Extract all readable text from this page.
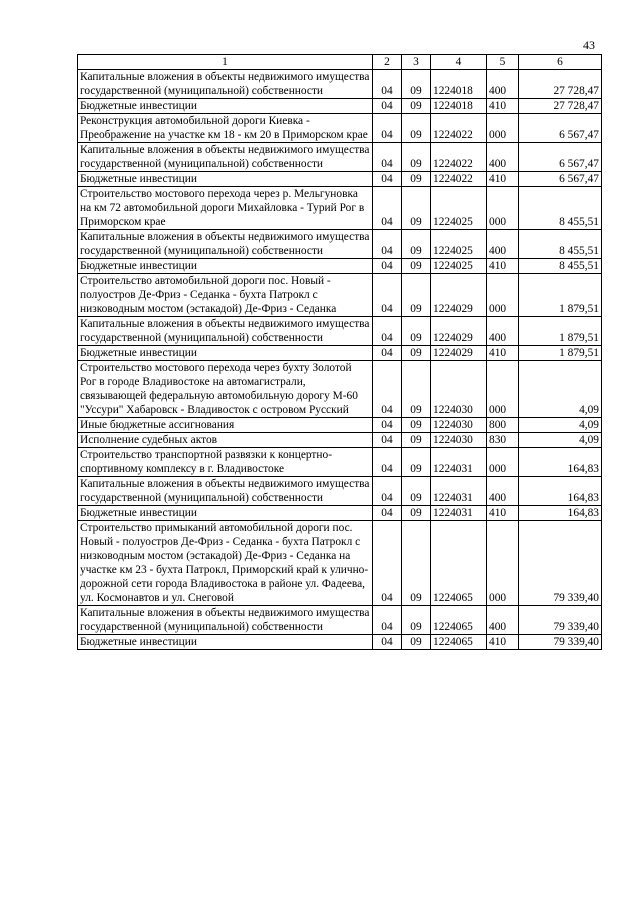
43
1	2	3	4	5	6
Капитальные вложения в объекты недвижимого имущества государственной (муниципальной) собственности	04	09	1224018	400	27 728,47
Бюджетные инвестиции	04	09	1224018	410	27 728,47
Реконструкция автомобильной дороги Киевка - Преображение на участке км 18 - км 20 в Приморском крае	04	09	1224022	000	6 567,47
Капитальные вложения в объекты недвижимого имущества государственной (муниципальной) собственности	04	09	1224022	400	6 567,47
Бюджетные инвестиции	04	09	1224022	410	6 567,47
Строительство мостового перехода через р. Мельгуновка на км 72 автомобильной дороги Михайловка - Турий Рог в Приморском крае	04	09	1224025	000	8 455,51
Капитальные вложения в объекты недвижимого имущества государственной (муниципальной) собственности	04	09	1224025	400	8 455,51
Бюджетные инвестиции	04	09	1224025	410	8 455,51
Строительство автомобильной дороги пос. Новый - полуостров Де-Фриз - Седанка - бухта Патрокл с низководным мостом (эстакадой) Де-Фриз - Седанка	04	09	1224029	000	1 879,51
Капитальные вложения в объекты недвижимого имущества государственной (муниципальной) собственности	04	09	1224029	400	1 879,51
Бюджетные инвестиции	04	09	1224029	410	1 879,51
Строительство мостового перехода через бухту Золотой Рог в городе Владивостоке на автомагистрали, связывающей федеральную автомобильную дорогу М-60 "Уссури" Хабаровск - Владивосток с островом Русский	04	09	1224030	000	4,09
Иные бюджетные ассигнования	04	09	1224030	800	4,09
Исполнение судебных актов	04	09	1224030	830	4,09
Строительство транспортной развязки к концертно-спортивному комплексу в г. Владивостоке	04	09	1224031	000	164,83
Капитальные вложения в объекты недвижимого имущества государственной (муниципальной) собственности	04	09	1224031	400	164,83
Бюджетные инвестиции	04	09	1224031	410	164,83
Строительство примыканий автомобильной дороги пос. Новый - полуостров Де-Фриз - Седанка - бухта Патрокл с низководным мостом (эстакадой) Де-Фриз - Седанка на участке км 23 - бухта Патрокл, Приморский край к улично-дорожной сети города Владивостока в районе ул. Фадеева, ул. Космонавтов и ул. Снеговой	04	09	1224065	000	79 339,40
Капитальные вложения в объекты недвижимого имущества государственной (муниципальной) собственности	04	09	1224065	400	79 339,40
Бюджетные инвестиции	04	09	1224065	410	79 339,40
